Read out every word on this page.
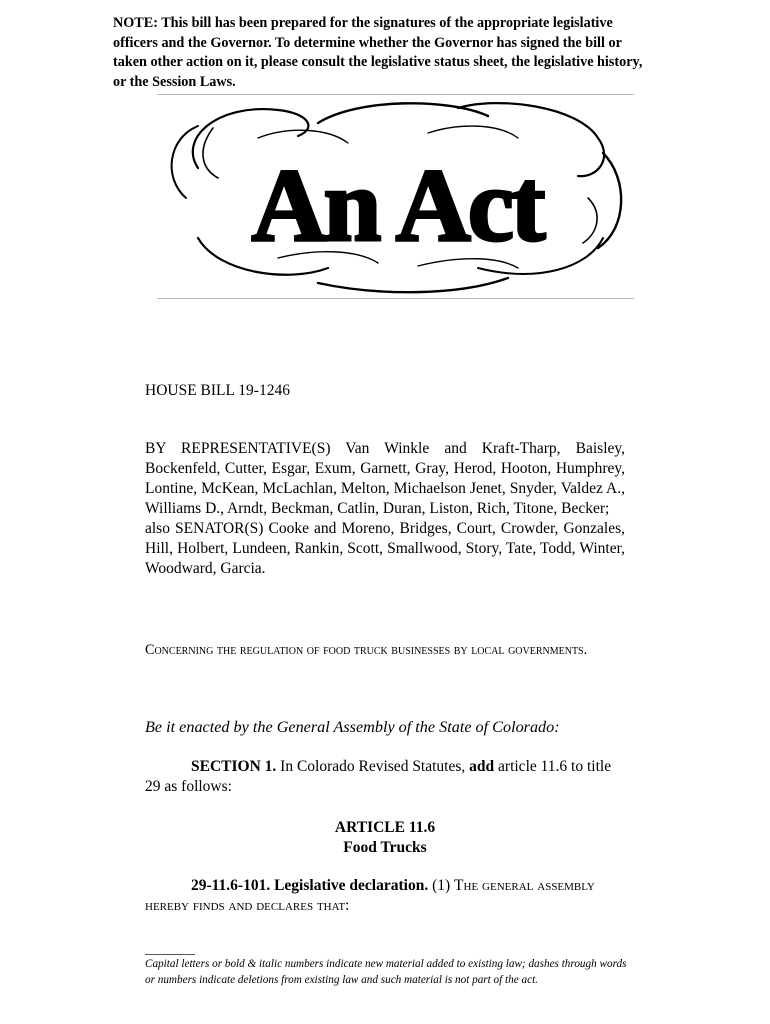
NOTE: This bill has been prepared for the signatures of the appropriate legislative officers and the Governor. To determine whether the Governor has signed the bill or taken other action on it, please consult the legislative status sheet, the legislative history, or the Session Laws.
An Act
HOUSE BILL 19-1246
BY REPRESENTATIVE(S) Van Winkle and Kraft-Tharp, Baisley, Bockenfeld, Cutter, Esgar, Exum, Garnett, Gray, Herod, Hooton, Humphrey, Lontine, McKean, McLachlan, Melton, Michaelson Jenet, Snyder, Valdez A., Williams D., Arndt, Beckman, Catlin, Duran, Liston, Rich, Titone, Becker;
also SENATOR(S) Cooke and Moreno, Bridges, Court, Crowder, Gonzales, Hill, Holbert, Lundeen, Rankin, Scott, Smallwood, Story, Tate, Todd, Winter, Woodward, Garcia.
Concerning the regulation of food truck businesses by local governments.
Be it enacted by the General Assembly of the State of Colorado:
SECTION 1. In Colorado Revised Statutes, add article 11.6 to title 29 as follows:
ARTICLE 11.6
Food Trucks
29-11.6-101. Legislative declaration. (1) The general assembly hereby finds and declares that:
Capital letters or bold & italic numbers indicate new material added to existing law; dashes through words or numbers indicate deletions from existing law and such material is not part of the act.
